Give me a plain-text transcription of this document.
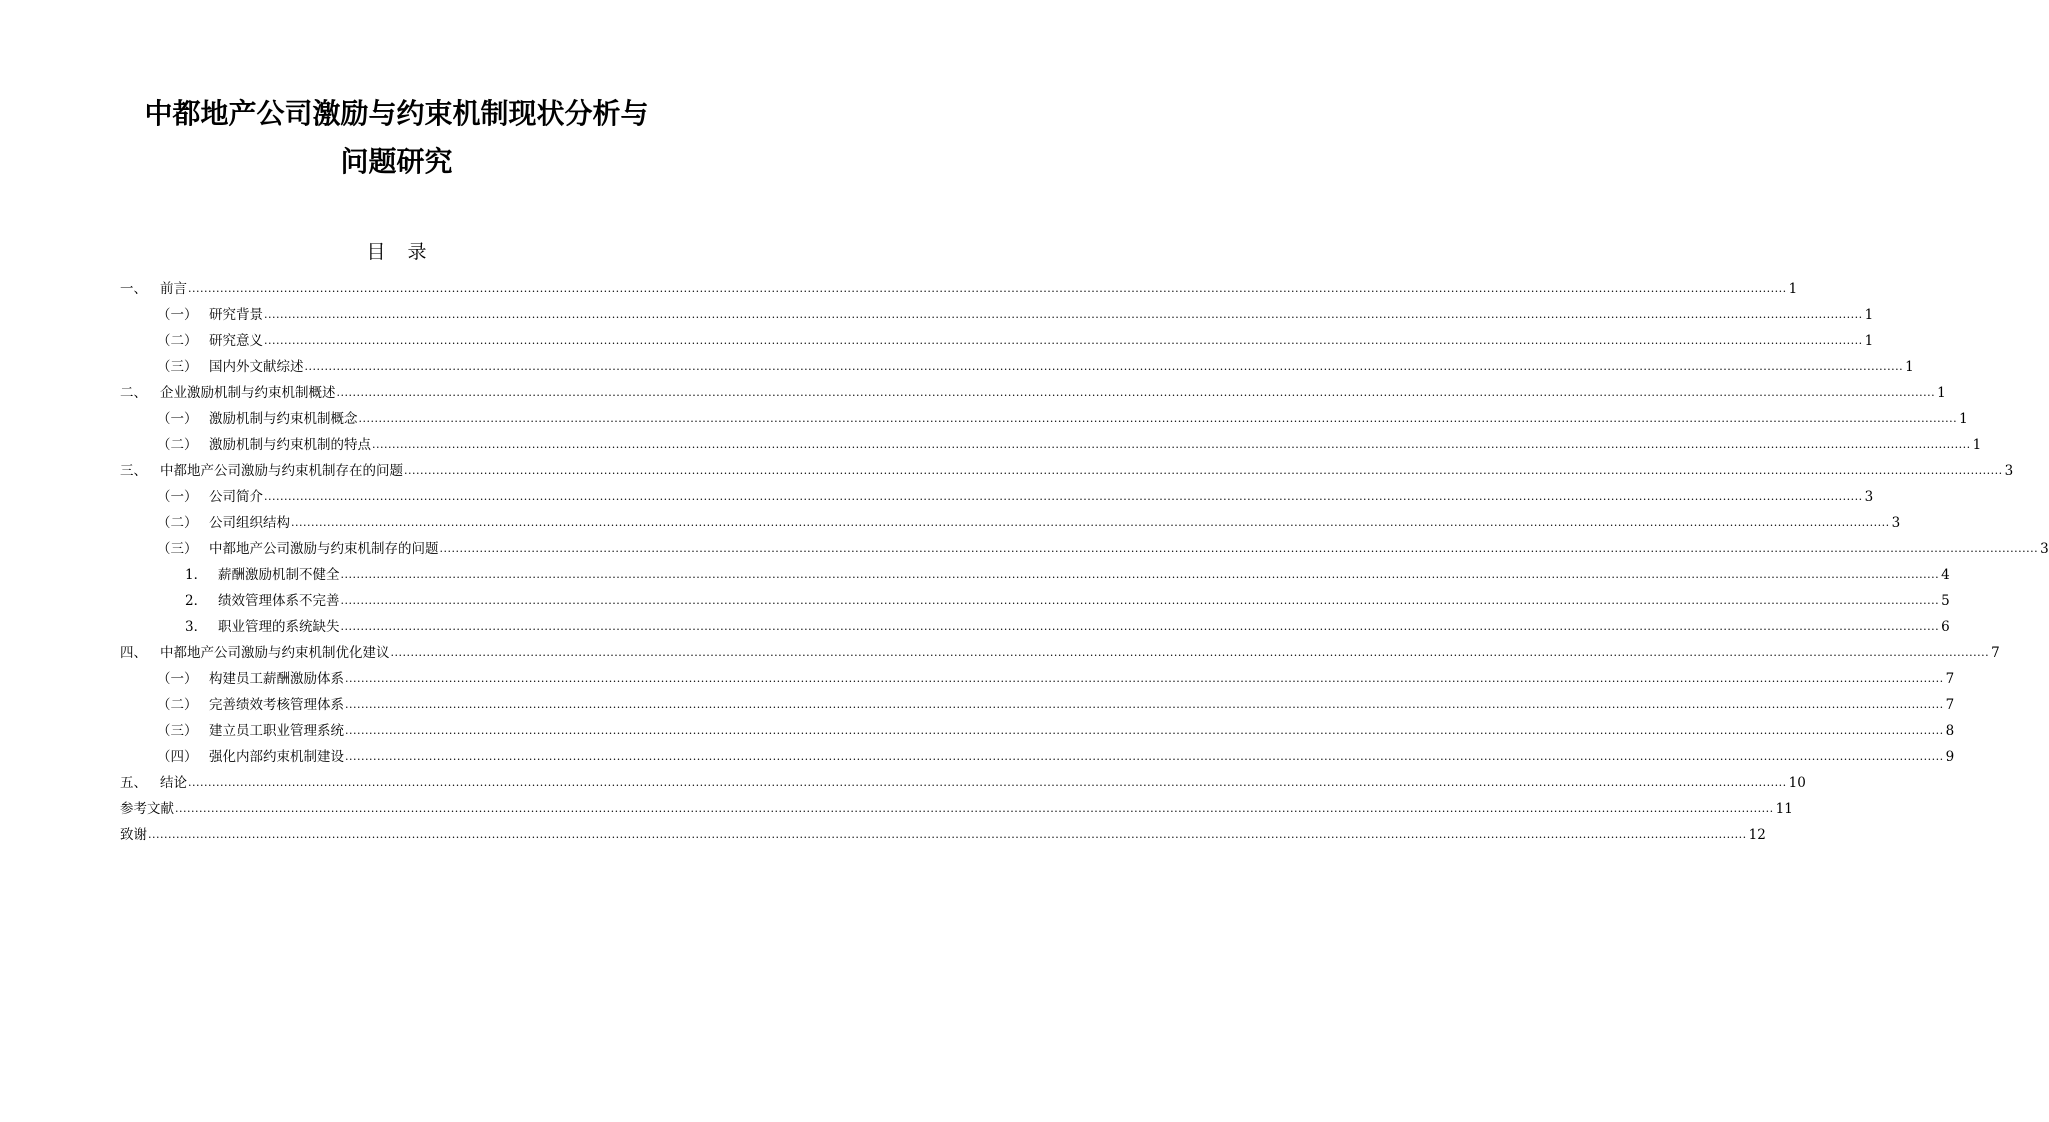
中都地产公司激励与约束机制现状分析与
问题研究
目录
一、 前言 ................................................................................................................................................................................................................................................................................................................................................................................................................ 1
（一） 研究背景 ................................................................................................................................................................................................................................................................................................................................................................................................................ 1
（二） 研究意义 ................................................................................................................................................................................................................................................................................................................................................................................................................ 1
（三） 国内外文献综述 ................................................................................................................................................................................................................................................................................................................................................................................................................ 1
二、 企业激励机制与约束机制概述 ................................................................................................................................................................................................................................................................................................................................................................................................................ 1
（一） 激励机制与约束机制概念 ................................................................................................................................................................................................................................................................................................................................................................................................................ 1
（二） 激励机制与约束机制的特点 ................................................................................................................................................................................................................................................................................................................................................................................................................ 1
三、 中都地产公司激励与约束机制存在的问题 ................................................................................................................................................................................................................................................................................................................................................................................................................ 3
（一） 公司简介 ................................................................................................................................................................................................................................................................................................................................................................................................................ 3
（二） 公司组织结构 ................................................................................................................................................................................................................................................................................................................................................................................................................ 3
（三） 中都地产公司激励与约束机制存的问题 ................................................................................................................................................................................................................................................................................................................................................................................................................ 3
1． 薪酬激励机制不健全 ................................................................................................................................................................................................................................................................................................................................................................................................................ 4
2． 绩效管理体系不完善 ................................................................................................................................................................................................................................................................................................................................................................................................................ 5
3． 职业管理的系统缺失 ................................................................................................................................................................................................................................................................................................................................................................................................................ 6
四、 中都地产公司激励与约束机制优化建议 ................................................................................................................................................................................................................................................................................................................................................................................................................ 7
（一） 构建员工薪酬激励体系 ................................................................................................................................................................................................................................................................................................................................................................................................................ 7
（二） 完善绩效考核管理体系 ................................................................................................................................................................................................................................................................................................................................................................................................................ 7
（三） 建立员工职业管理系统 ................................................................................................................................................................................................................................................................................................................................................................................................................ 8
（四） 强化内部约束机制建设 ................................................................................................................................................................................................................................................................................................................................................................................................................ 9
五、 结论 ................................................................................................................................................................................................................................................................................................................................................................................................................ 10
参考文献 ................................................................................................................................................................................................................................................................................................................................................................................................................ 11
致谢 ................................................................................................................................................................................................................................................................................................................................................................................................................ 12
